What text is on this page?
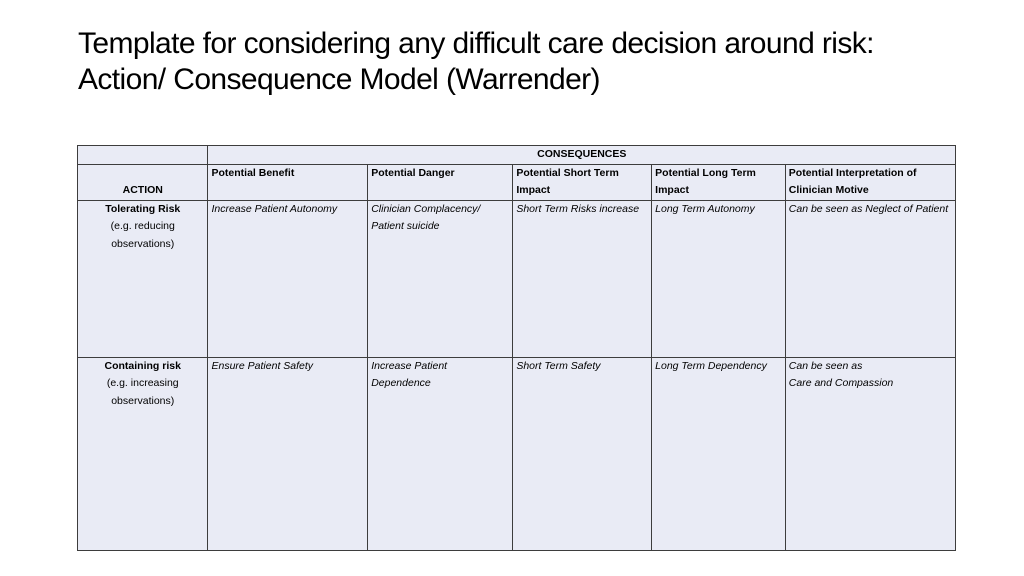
Template for considering any difficult care decision around risk:
Action/ Consequence Model (Warrender)
	CONSEQUENCES				
ACTION	Potential Benefit	Potential Danger	Potential Short Term Impact	Potential Long Term Impact	Potential Interpretation of Clinician Motive

Tolerating Risk
(e.g. reducing observations)	Increase Patient Autonomy	Clinician Complacency/ Patient suicide	Short Term Risks increase	Long Term Autonomy	Can be seen as Neglect of Patient

Containing risk
(e.g. increasing observations)	Ensure Patient Safety	Increase Patient Dependence	Short Term Safety	Long Term Dependency	Can be seen as
Care and Compassion
